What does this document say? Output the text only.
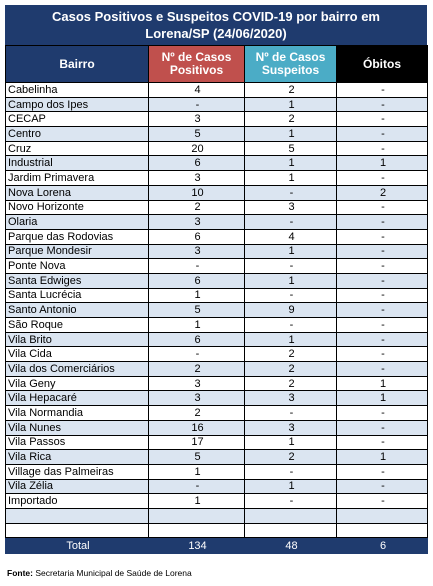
Casos Positivos e Suspeitos COVID-19 por bairro em
Lorena/SP (24/06/2020)
Bairro	Nº de Casos Positivos	Nº de Casos Suspeitos	Óbitos
Cabelinha	4	2	-
Campo dos Ipes	-	1	-
CECAP	3	2	-
Centro	5	1	-
Cruz	20	5	-
Industrial	6	1	1
Jardim Primavera	3	1	-
Nova Lorena	10	-	2
Novo Horizonte	2	3	-
Olaria	3	-	-
Parque das Rodovias	6	4	-
Parque Mondesir	3	1	-
Ponte Nova	-	-	-
Santa Edwiges	6	1	-
Santa Lucrécia	1	-	-
Santo Antonio	5	9	-
São Roque	1	-	-
Vila Brito	6	1	-
Vila Cida	-	2	-
Vila dos Comerciários	2	2	-
Vila Geny	3	2	1
Vila Hepacaré	3	3	1
Vila Normandia	2	-	-
Vila Nunes	16	3	-
Vila Passos	17	1	-
Vila Rica	5	2	1
Village das Palmeiras	1	-	-
Vila Zélia	-	1	-
Importado	1	-	-

Total	134	48	6
Fonte: Secretaria Municipal de Saúde de Lorena
